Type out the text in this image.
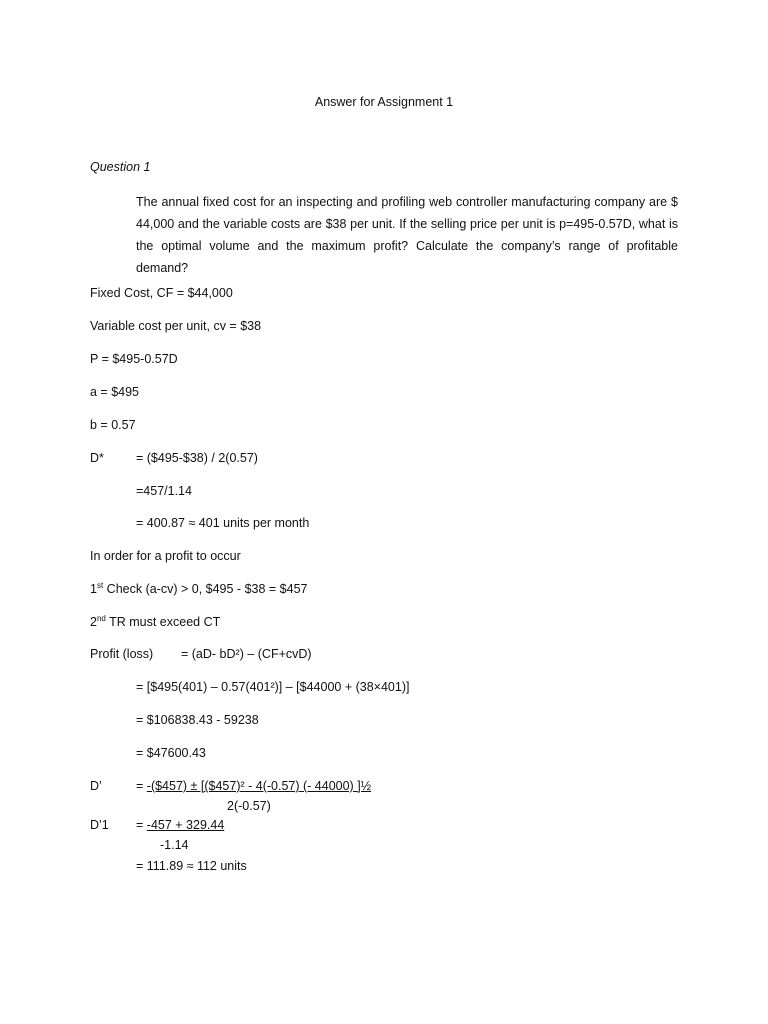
Answer for Assignment 1
Question 1

The annual fixed cost for an inspecting and profiling web controller manufacturing company are $ 44,000 and the variable costs are $38 per unit. If the selling price per unit is p=495-0.57D, what is the optimal volume and the maximum profit? Calculate the company’s range of profitable demand?

Fixed Cost, CF = $44,000
Variable cost per unit, cv = $38
P = $495-0.57D
a = $495
b = 0.57
D*	= ($495-$38) / 2(0.57)
=457/1.14
= 400.87 ≈ 401 units per month
In order for a profit to occur
1st Check (a-cv) > 0, $495 - $38 = $457
2nd TR must exceed CT
Profit (loss) = (aD- bD²) – (CF+cvD)
= [$495(401) – 0.57(401²)] – [$44000 + (38×401)]
= $106838.43 - 59238
= $47600.43
D’	= -($457) ± [($457)² - 4(-0.57) (- 44000) ]½
2(-0.57)
D’1 = -457 + 329.44
-1.14
= 111.89 ≈ 112 units
